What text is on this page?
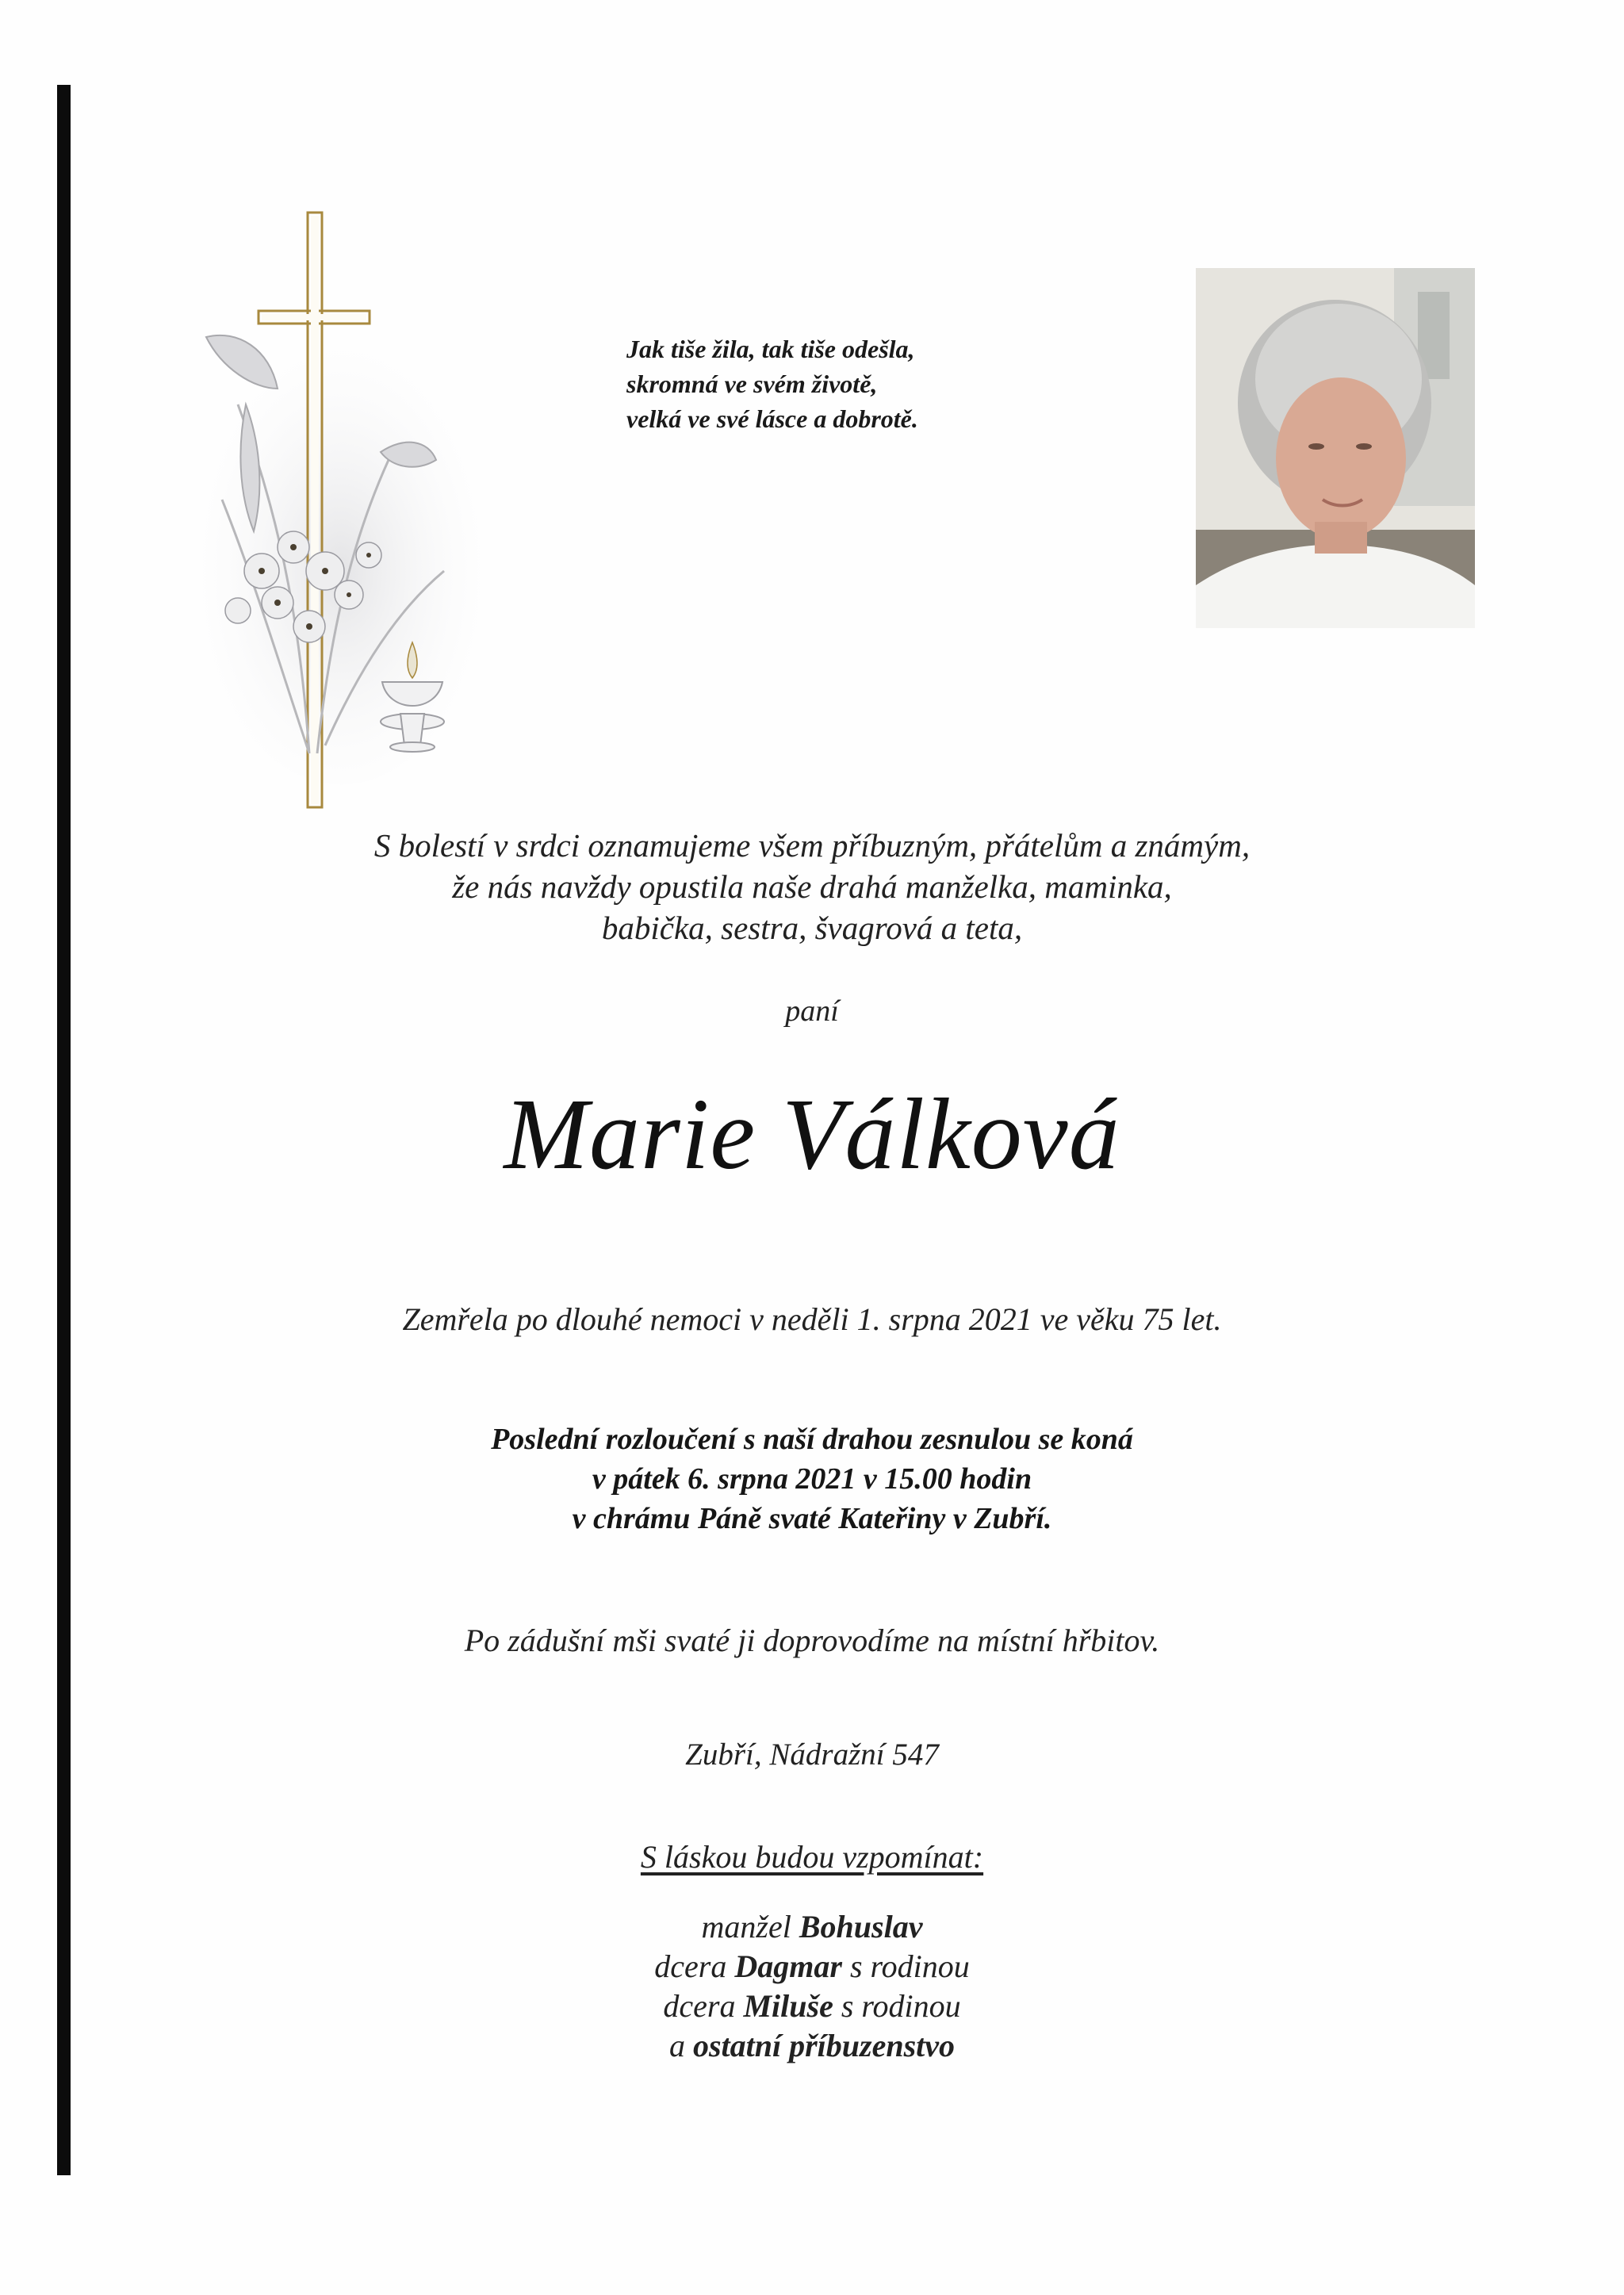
Jak tiše žila, tak tiše odešla,
skromná ve svém životě,
velká ve své lásce a dobrotě.
S bolestí v srdci oznamujeme všem příbuzným, přátelům a známým,
že nás navždy opustila naše drahá manželka, maminka,
babička, sestra, švagrová a teta,
paní
Marie Válková
Zemřela po dlouhé nemoci v neděli 1. srpna 2021 ve věku 75 let.
Poslední rozloučení s naší drahou zesnulou se koná
v pátek 6. srpna 2021 v 15.00 hodin
v chrámu Páně svaté Kateřiny v Zubří.
Po zádušní mši svaté ji doprovodíme na místní hřbitov.
Zubří, Nádražní 547
S láskou budou vzpomínat:
manžel Bohuslav
dcera Dagmar s rodinou
dcera Miluše s rodinou
a ostatní příbuzenstvo
